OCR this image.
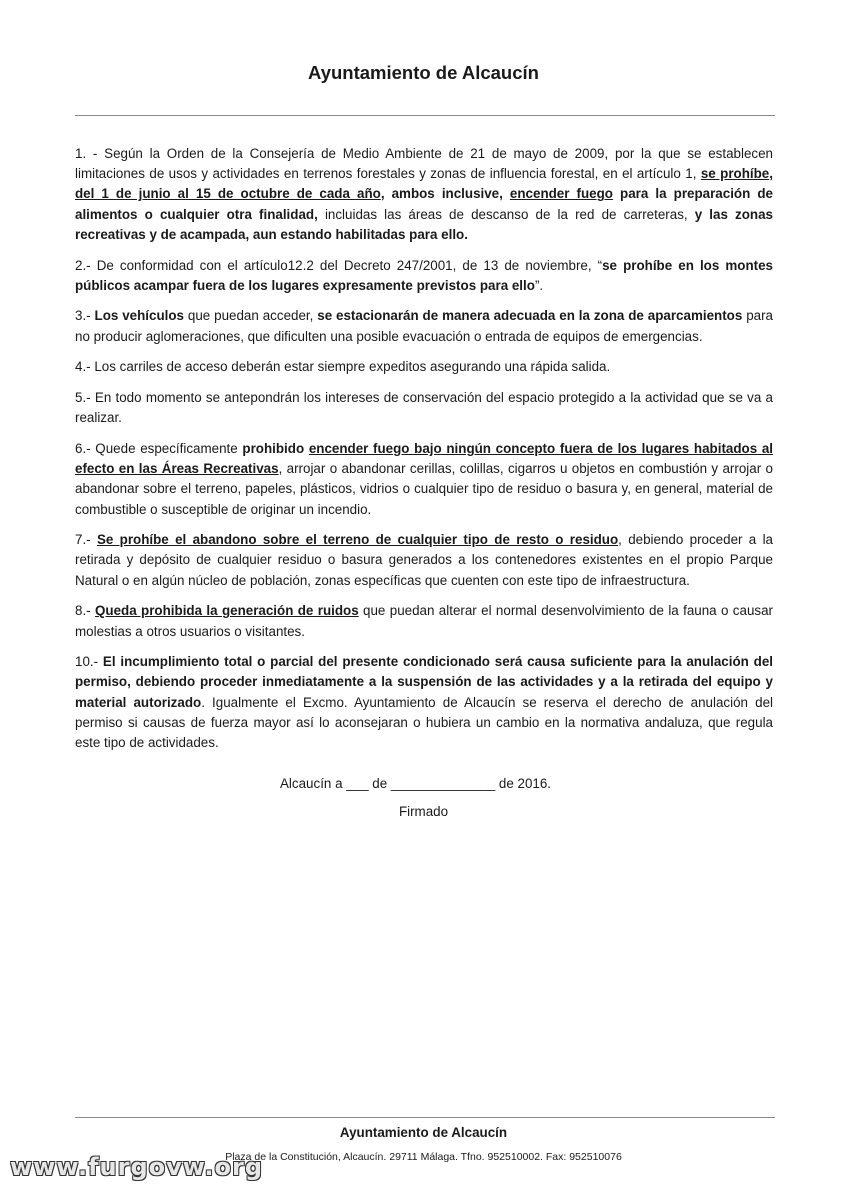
Ayuntamiento de Alcaucín

1. - Según la Orden de la Consejería de Medio Ambiente de 21 de mayo de 2009, por la que se establecen limitaciones de usos y actividades en terrenos forestales y zonas de influencia forestal, en el artículo 1, se prohíbe, del 1 de junio al 15 de octubre de cada año, ambos inclusive, encender fuego para la preparación de alimentos o cualquier otra finalidad, incluidas las áreas de descanso de la red de carreteras, y las zonas recreativas y de acampada, aun estando habilitadas para ello.

2.- De conformidad con el artículo12.2 del Decreto 247/2001, de 13 de noviembre, “se prohíbe en los montes públicos acampar fuera de los lugares expresamente previstos para ello”.

3.- Los vehículos que puedan acceder, se estacionarán de manera adecuada en la zona de aparcamientos para no producir aglomeraciones, que dificulten una posible evacuación o entrada de equipos de emergencias.

4.- Los carriles de acceso deberán estar siempre expeditos asegurando una rápida salida.

5.- En todo momento se antepondrán los intereses de conservación del espacio protegido a la actividad que se va a realizar.

6.- Quede específicamente prohibido encender fuego bajo ningún concepto fuera de los lugares habitados al efecto en las Áreas Recreativas, arrojar o abandonar cerillas, colillas, cigarros u objetos en combustión y arrojar o abandonar sobre el terreno, papeles, plásticos, vidrios o cualquier tipo de residuo o basura y, en general, material de combustible o susceptible de originar un incendio.

7.- Se prohíbe el abandono sobre el terreno de cualquier tipo de resto o residuo, debiendo proceder a la retirada y depósito de cualquier residuo o basura generados a los contenedores existentes en el propio Parque Natural o en algún núcleo de población, zonas específicas que cuenten con este tipo de infraestructura.

8.- Queda prohibida la generación de ruidos que puedan alterar el normal desenvolvimiento de la fauna o causar molestias a otros usuarios o visitantes.

10.- El incumplimiento total o parcial del presente condicionado será causa suficiente para la anulación del permiso, debiendo proceder inmediatamente a la suspensión de las actividades y a la retirada del equipo y material autorizado. Igualmente el Excmo. Ayuntamiento de Alcaucín se reserva el derecho de anulación del permiso si causas de fuerza mayor así lo aconsejaran o hubiera un cambio en la normativa andaluza, que regula este tipo de actividades.

Alcaucín a ___ de ______________ de 2016.
Firmado
Ayuntamiento de Alcaucín
Plaza de la Constitución, Alcaucín. 29711 Málaga. Tfno. 952510002. Fax: 952510076
www.furgovw.org
